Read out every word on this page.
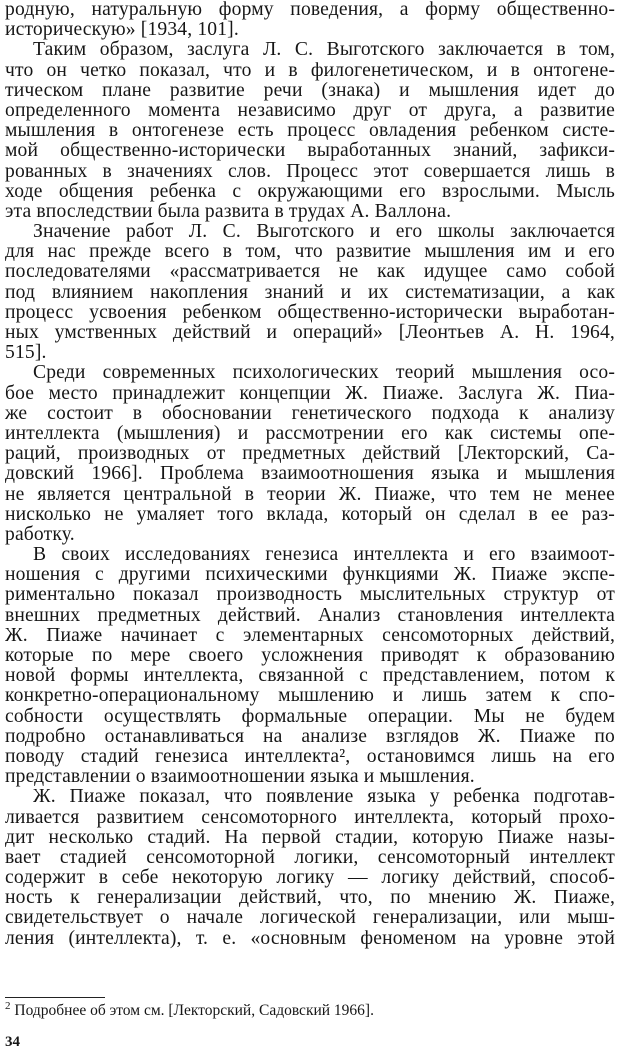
родную, натуральную форму поведения, а форму общественно-
историческую» [1934, 101].
Таким образом, заслуга Л. С. Выготского заключается в том,
что он четко показал, что и в филогенетическом, и в онтогене-
тическом плане развитие речи (знака) и мышления идет до
определенного момента независимо друг от друга, а развитие
мышления в онтогенезе есть процесс овладения ребенком систе-
мой общественно-исторически выработанных знаний, зафикси-
рованных в значениях слов. Процесс этот совершается лишь в
ходе общения ребенка с окружающими его взрослыми. Мысль
эта впоследствии была развита в трудах А. Валлона.
Значение работ Л. С. Выготского и его школы заключается
для нас прежде всего в том, что развитие мышления им и его
последователями «рассматривается не как идущее само собой
под влиянием накопления знаний и их систематизации, а как
процесс усвоения ребенком общественно-исторически выработан-
ных умственных действий и операций» [Леонтьев А. Н. 1964,
515].
Среди современных психологических теорий мышления осо-
бое место принадлежит концепции Ж. Пиаже. Заслуга Ж. Пиа-
же состоит в обосновании генетического подхода к анализу
интеллекта (мышления) и рассмотрении его как системы опе-
раций, производных от предметных действий [Лекторский, Са-
довский 1966]. Проблема взаимоотношения языка и мышления
не является центральной в теории Ж. Пиаже, что тем не менее
нисколько не умаляет того вклада, который он сделал в ее раз-
работку.
В своих исследованиях генезиса интеллекта и его взаимоот-
ношения с другими психическими функциями Ж. Пиаже экспе-
риментально показал производность мыслительных структур от
внешних предметных действий. Анализ становления интеллекта
Ж. Пиаже начинает с элементарных сенсомоторных действий,
которые по мере своего усложнения приводят к образованию
новой формы интеллекта, связанной с представлением, потом к
конкретно-операциональному мышлению и лишь затем к спо-
собности осуществлять формальные операции. Мы не будем
подробно останавливаться на анализе взглядов Ж. Пиаже по
поводу стадий генезиса интеллекта², остановимся лишь на его
представлении о взаимоотношении языка и мышления.
Ж. Пиаже показал, что появление языка у ребенка подготав-
ливается развитием сенсомоторного интеллекта, который прохо-
дит несколько стадий. На первой стадии, которую Пиаже назы-
вает стадией сенсомоторной логики, сенсомоторный интеллект
содержит в себе некоторую логику — логику действий, способ-
ность к генерализации действий, что, по мнению Ж. Пиаже,
свидетельствует о начале логической генерализации, или мыш-
ления (интеллекта), т. е. «основным феноменом на уровне этой
$^2$ Подробнее об этом см. [Лекторский, Садовский 1966].
34
